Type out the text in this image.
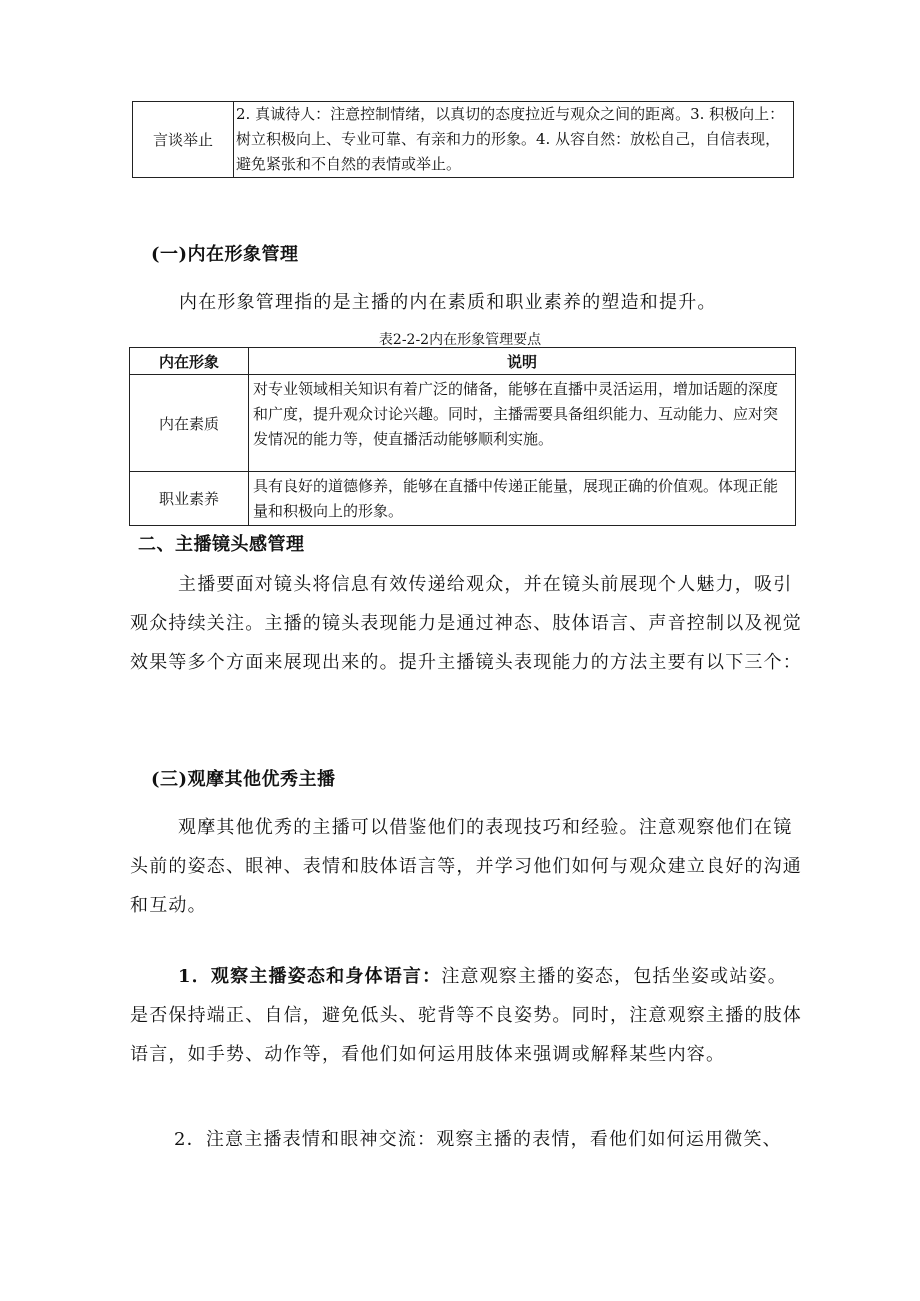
言谈举止	2. 真诚待人：注意控制情绪，以真切的态度拉近与观众之间的距离。3. 积极向上：树立积极向上、专业可靠、有亲和力的形象。4. 从容自然：放松自己，自信表现，避免紧张和不自然的表情或举止。
(一)内在形象管理
内在形象管理指的是主播的内在素质和职业素养的塑造和提升。
表2-2-2内在形象管理要点
内在形象	说明
内在素质	对专业领域相关知识有着广泛的储备，能够在直播中灵活运用，增加话题的深度和广度，提升观众讨论兴趣。同时，主播需要具备组织能力、互动能力、应对突发情况的能力等，使直播活动能够顺利实施。
职业素养	具有良好的道德修养，能够在直播中传递正能量，展现正确的价值观。体现正能量和积极向上的形象。
二、主播镜头感管理
主播要面对镜头将信息有效传递给观众，并在镜头前展现个人魅力，吸引观众持续关注。主播的镜头表现能力是通过神态、肢体语言、声音控制以及视觉效果等多个方面来展现出来的。提升主播镜头表现能力的方法主要有以下三个：
(三)观摩其他优秀主播
观摩其他优秀的主播可以借鉴他们的表现技巧和经验。注意观察他们在镜头前的姿态、眼神、表情和肢体语言等，并学习他们如何与观众建立良好的沟通和互动。
1．观察主播姿态和身体语言：注意观察主播的姿态，包括坐姿或站姿。是否保持端正、自信，避免低头、驼背等不良姿势。同时，注意观察主播的肢体语言，如手势、动作等，看他们如何运用肢体来强调或解释某些内容。
2．注意主播表情和眼神交流：观察主播的表情，看他们如何运用微笑、
